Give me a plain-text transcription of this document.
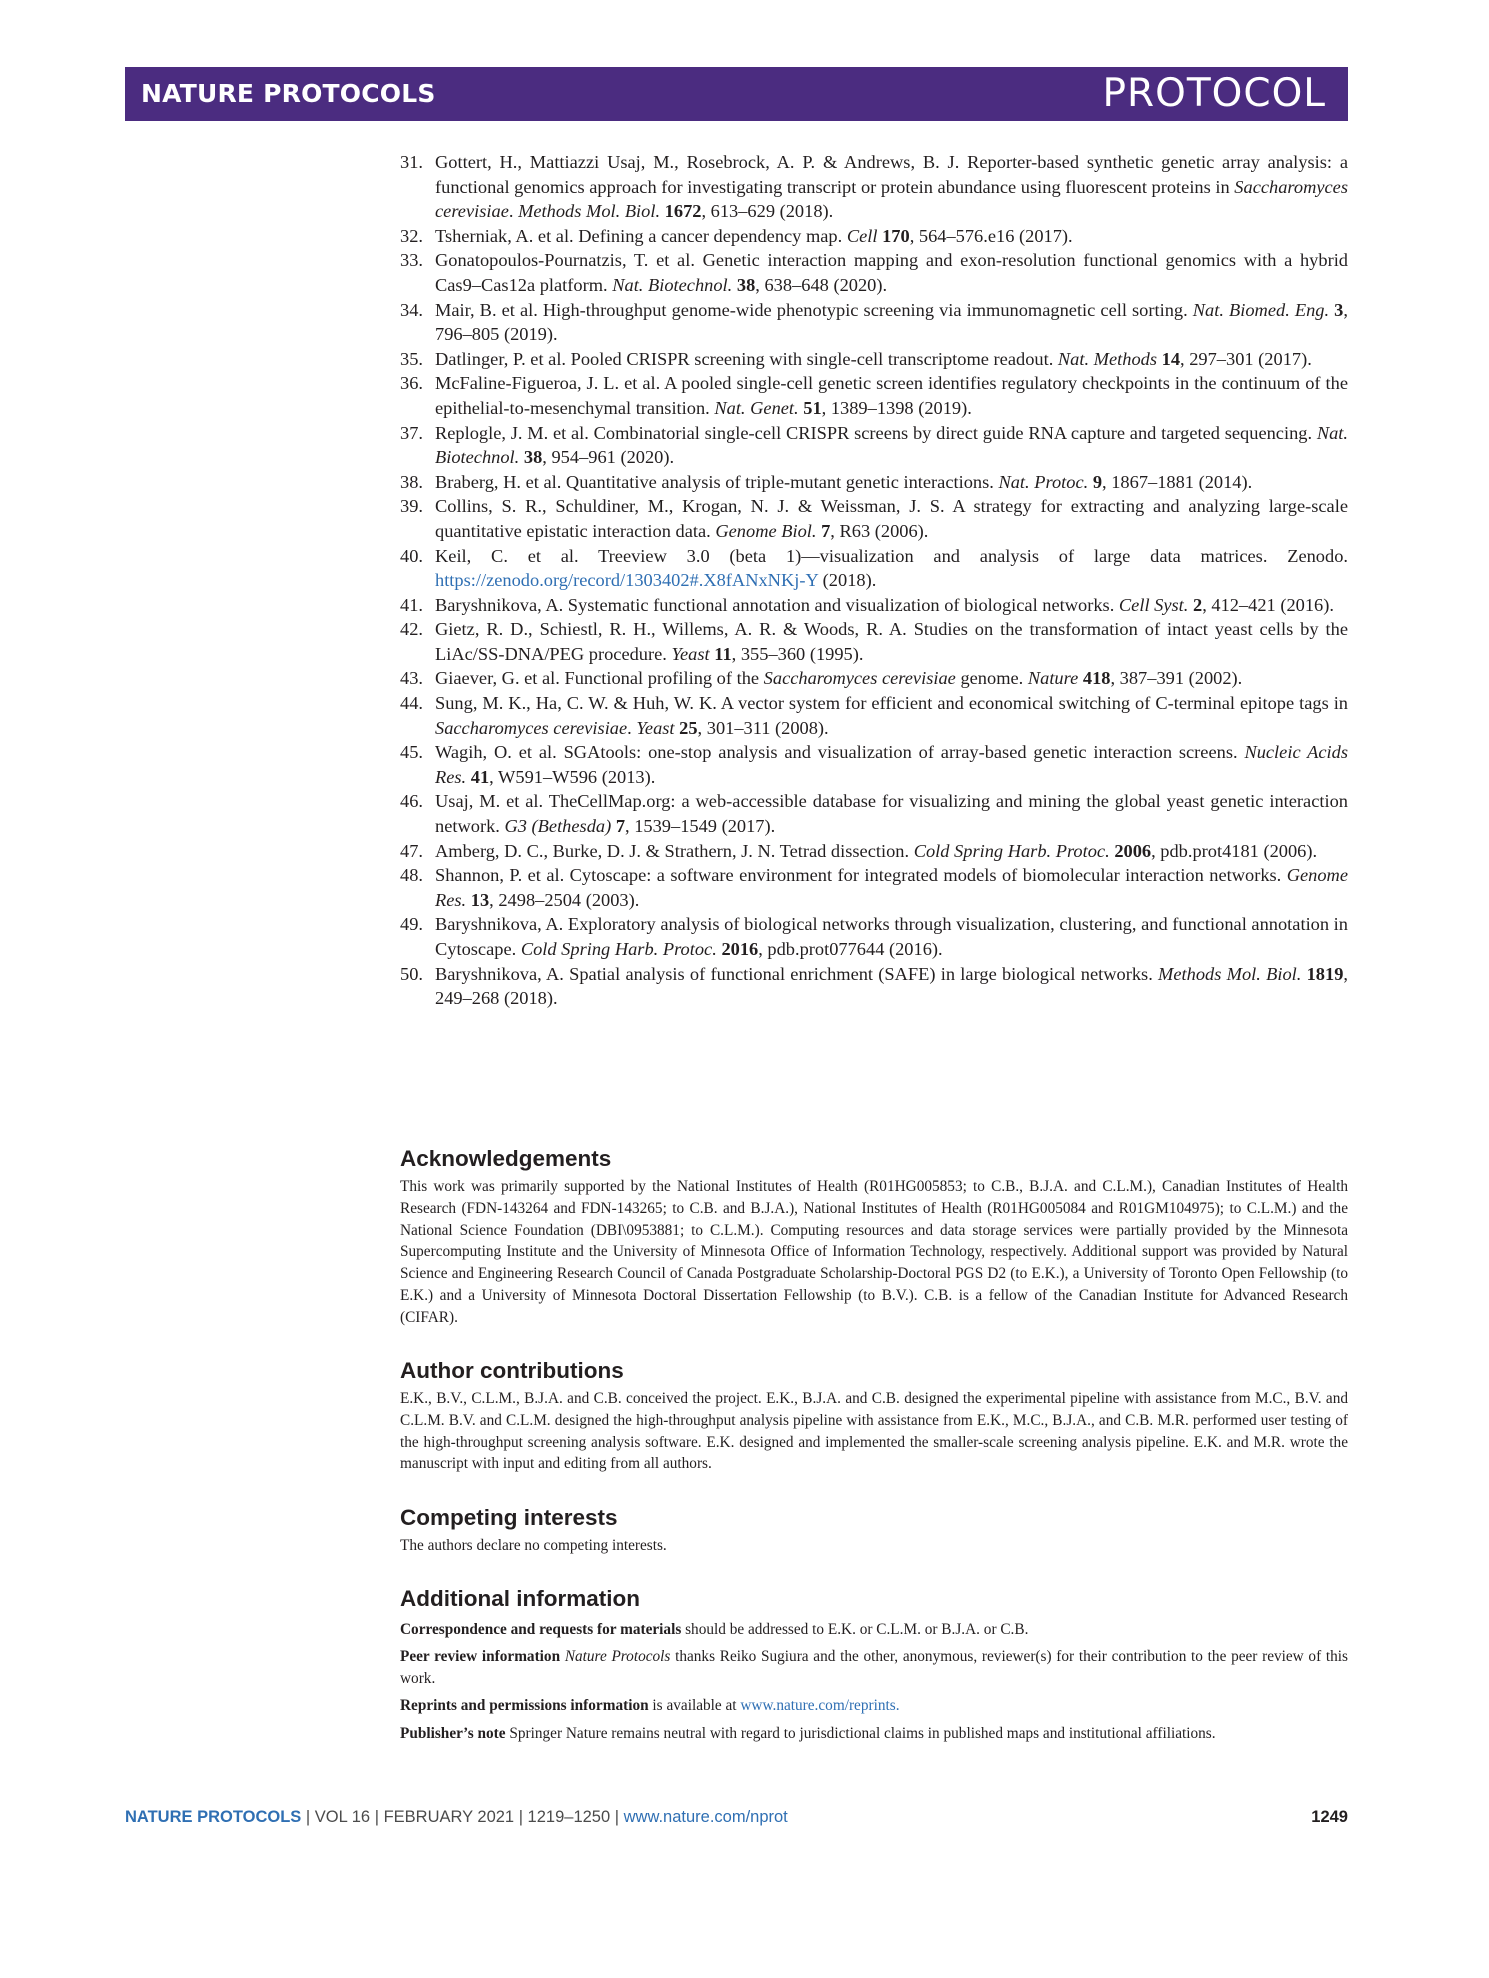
NATURE PROTOCOLS	PROTOCOL
31. Gottert, H., Mattiazzi Usaj, M., Rosebrock, A. P. & Andrews, B. J. Reporter-based synthetic genetic array analysis: a functional genomics approach for investigating transcript or protein abundance using fluorescent proteins in Saccharomyces cerevisiae. Methods Mol. Biol. 1672, 613–629 (2018).
32. Tsherniak, A. et al. Defining a cancer dependency map. Cell 170, 564–576.e16 (2017).
33. Gonatopoulos-Pournatzis, T. et al. Genetic interaction mapping and exon-resolution functional genomics with a hybrid Cas9–Cas12a platform. Nat. Biotechnol. 38, 638–648 (2020).
34. Mair, B. et al. High-throughput genome-wide phenotypic screening via immunomagnetic cell sorting. Nat. Biomed. Eng. 3, 796–805 (2019).
35. Datlinger, P. et al. Pooled CRISPR screening with single-cell transcriptome readout. Nat. Methods 14, 297–301 (2017).
36. McFaline-Figueroa, J. L. et al. A pooled single-cell genetic screen identifies regulatory checkpoints in the continuum of the epithelial-to-mesenchymal transition. Nat. Genet. 51, 1389–1398 (2019).
37. Replogle, J. M. et al. Combinatorial single-cell CRISPR screens by direct guide RNA capture and targeted sequencing. Nat. Biotechnol. 38, 954–961 (2020).
38. Braberg, H. et al. Quantitative analysis of triple-mutant genetic interactions. Nat. Protoc. 9, 1867–1881 (2014).
39. Collins, S. R., Schuldiner, M., Krogan, N. J. & Weissman, J. S. A strategy for extracting and analyzing large-scale quantitative epistatic interaction data. Genome Biol. 7, R63 (2006).
40. Keil, C. et al. Treeview 3.0 (beta 1)—visualization and analysis of large data matrices. Zenodo. https://zenodo.org/record/1303402#.X8fANxNKj-Y (2018).
41. Baryshnikova, A. Systematic functional annotation and visualization of biological networks. Cell Syst. 2, 412–421 (2016).
42. Gietz, R. D., Schiestl, R. H., Willems, A. R. & Woods, R. A. Studies on the transformation of intact yeast cells by the LiAc/SS-DNA/PEG procedure. Yeast 11, 355–360 (1995).
43. Giaever, G. et al. Functional profiling of the Saccharomyces cerevisiae genome. Nature 418, 387–391 (2002).
44. Sung, M. K., Ha, C. W. & Huh, W. K. A vector system for efficient and economical switching of C-terminal epitope tags in Saccharomyces cerevisiae. Yeast 25, 301–311 (2008).
45. Wagih, O. et al. SGAtools: one-stop analysis and visualization of array-based genetic interaction screens. Nucleic Acids Res. 41, W591–W596 (2013).
46. Usaj, M. et al. TheCellMap.org: a web-accessible database for visualizing and mining the global yeast genetic interaction network. G3 (Bethesda) 7, 1539–1549 (2017).
47. Amberg, D. C., Burke, D. J. & Strathern, J. N. Tetrad dissection. Cold Spring Harb. Protoc. 2006, pdb.prot4181 (2006).
48. Shannon, P. et al. Cytoscape: a software environment for integrated models of biomolecular interaction networks. Genome Res. 13, 2498–2504 (2003).
49. Baryshnikova, A. Exploratory analysis of biological networks through visualization, clustering, and functional annotation in Cytoscape. Cold Spring Harb. Protoc. 2016, pdb.prot077644 (2016).
50. Baryshnikova, A. Spatial analysis of functional enrichment (SAFE) in large biological networks. Methods Mol. Biol. 1819, 249–268 (2018).
Acknowledgements
This work was primarily supported by the National Institutes of Health (R01HG005853; to C.B., B.J.A. and C.L.M.), Canadian Institutes of Health Research (FDN-143264 and FDN-143265; to C.B. and B.J.A.), National Institutes of Health (R01HG005084 and R01GM104975); to C.L.M.) and the National Science Foundation (DBI\0953881; to C.L.M.). Computing resources and data storage services were partially provided by the Minnesota Supercomputing Institute and the University of Minnesota Office of Information Technology, respectively. Additional support was provided by Natural Science and Engineering Research Council of Canada Postgraduate Scholarship-Doctoral PGS D2 (to E.K.), a University of Toronto Open Fellowship (to E.K.) and a University of Minnesota Doctoral Dissertation Fellowship (to B.V.). C.B. is a fellow of the Canadian Institute for Advanced Research (CIFAR).
Author contributions
E.K., B.V., C.L.M., B.J.A. and C.B. conceived the project. E.K., B.J.A. and C.B. designed the experimental pipeline with assistance from M.C., B.V. and C.L.M. B.V. and C.L.M. designed the high-throughput analysis pipeline with assistance from E.K., M.C., B.J.A., and C.B. M.R. performed user testing of the high-throughput screening analysis software. E.K. designed and implemented the smaller-scale screening analysis pipeline. E.K. and M.R. wrote the manuscript with input and editing from all authors.
Competing interests
The authors declare no competing interests.
Additional information

Correspondence and requests for materials should be addressed to E.K. or C.L.M. or B.J.A. or C.B.

Peer review information Nature Protocols thanks Reiko Sugiura and the other, anonymous, reviewer(s) for their contribution to the peer review of this work.

Reprints and permissions information is available at www.nature.com/reprints.

Publisher’s note Springer Nature remains neutral with regard to jurisdictional claims in published maps and institutional affiliations.

NATURE PROTOCOLS | VOL 16 | FEBRUARY 2021 | 1219–1250 | www.nature.com/nprot	1249
